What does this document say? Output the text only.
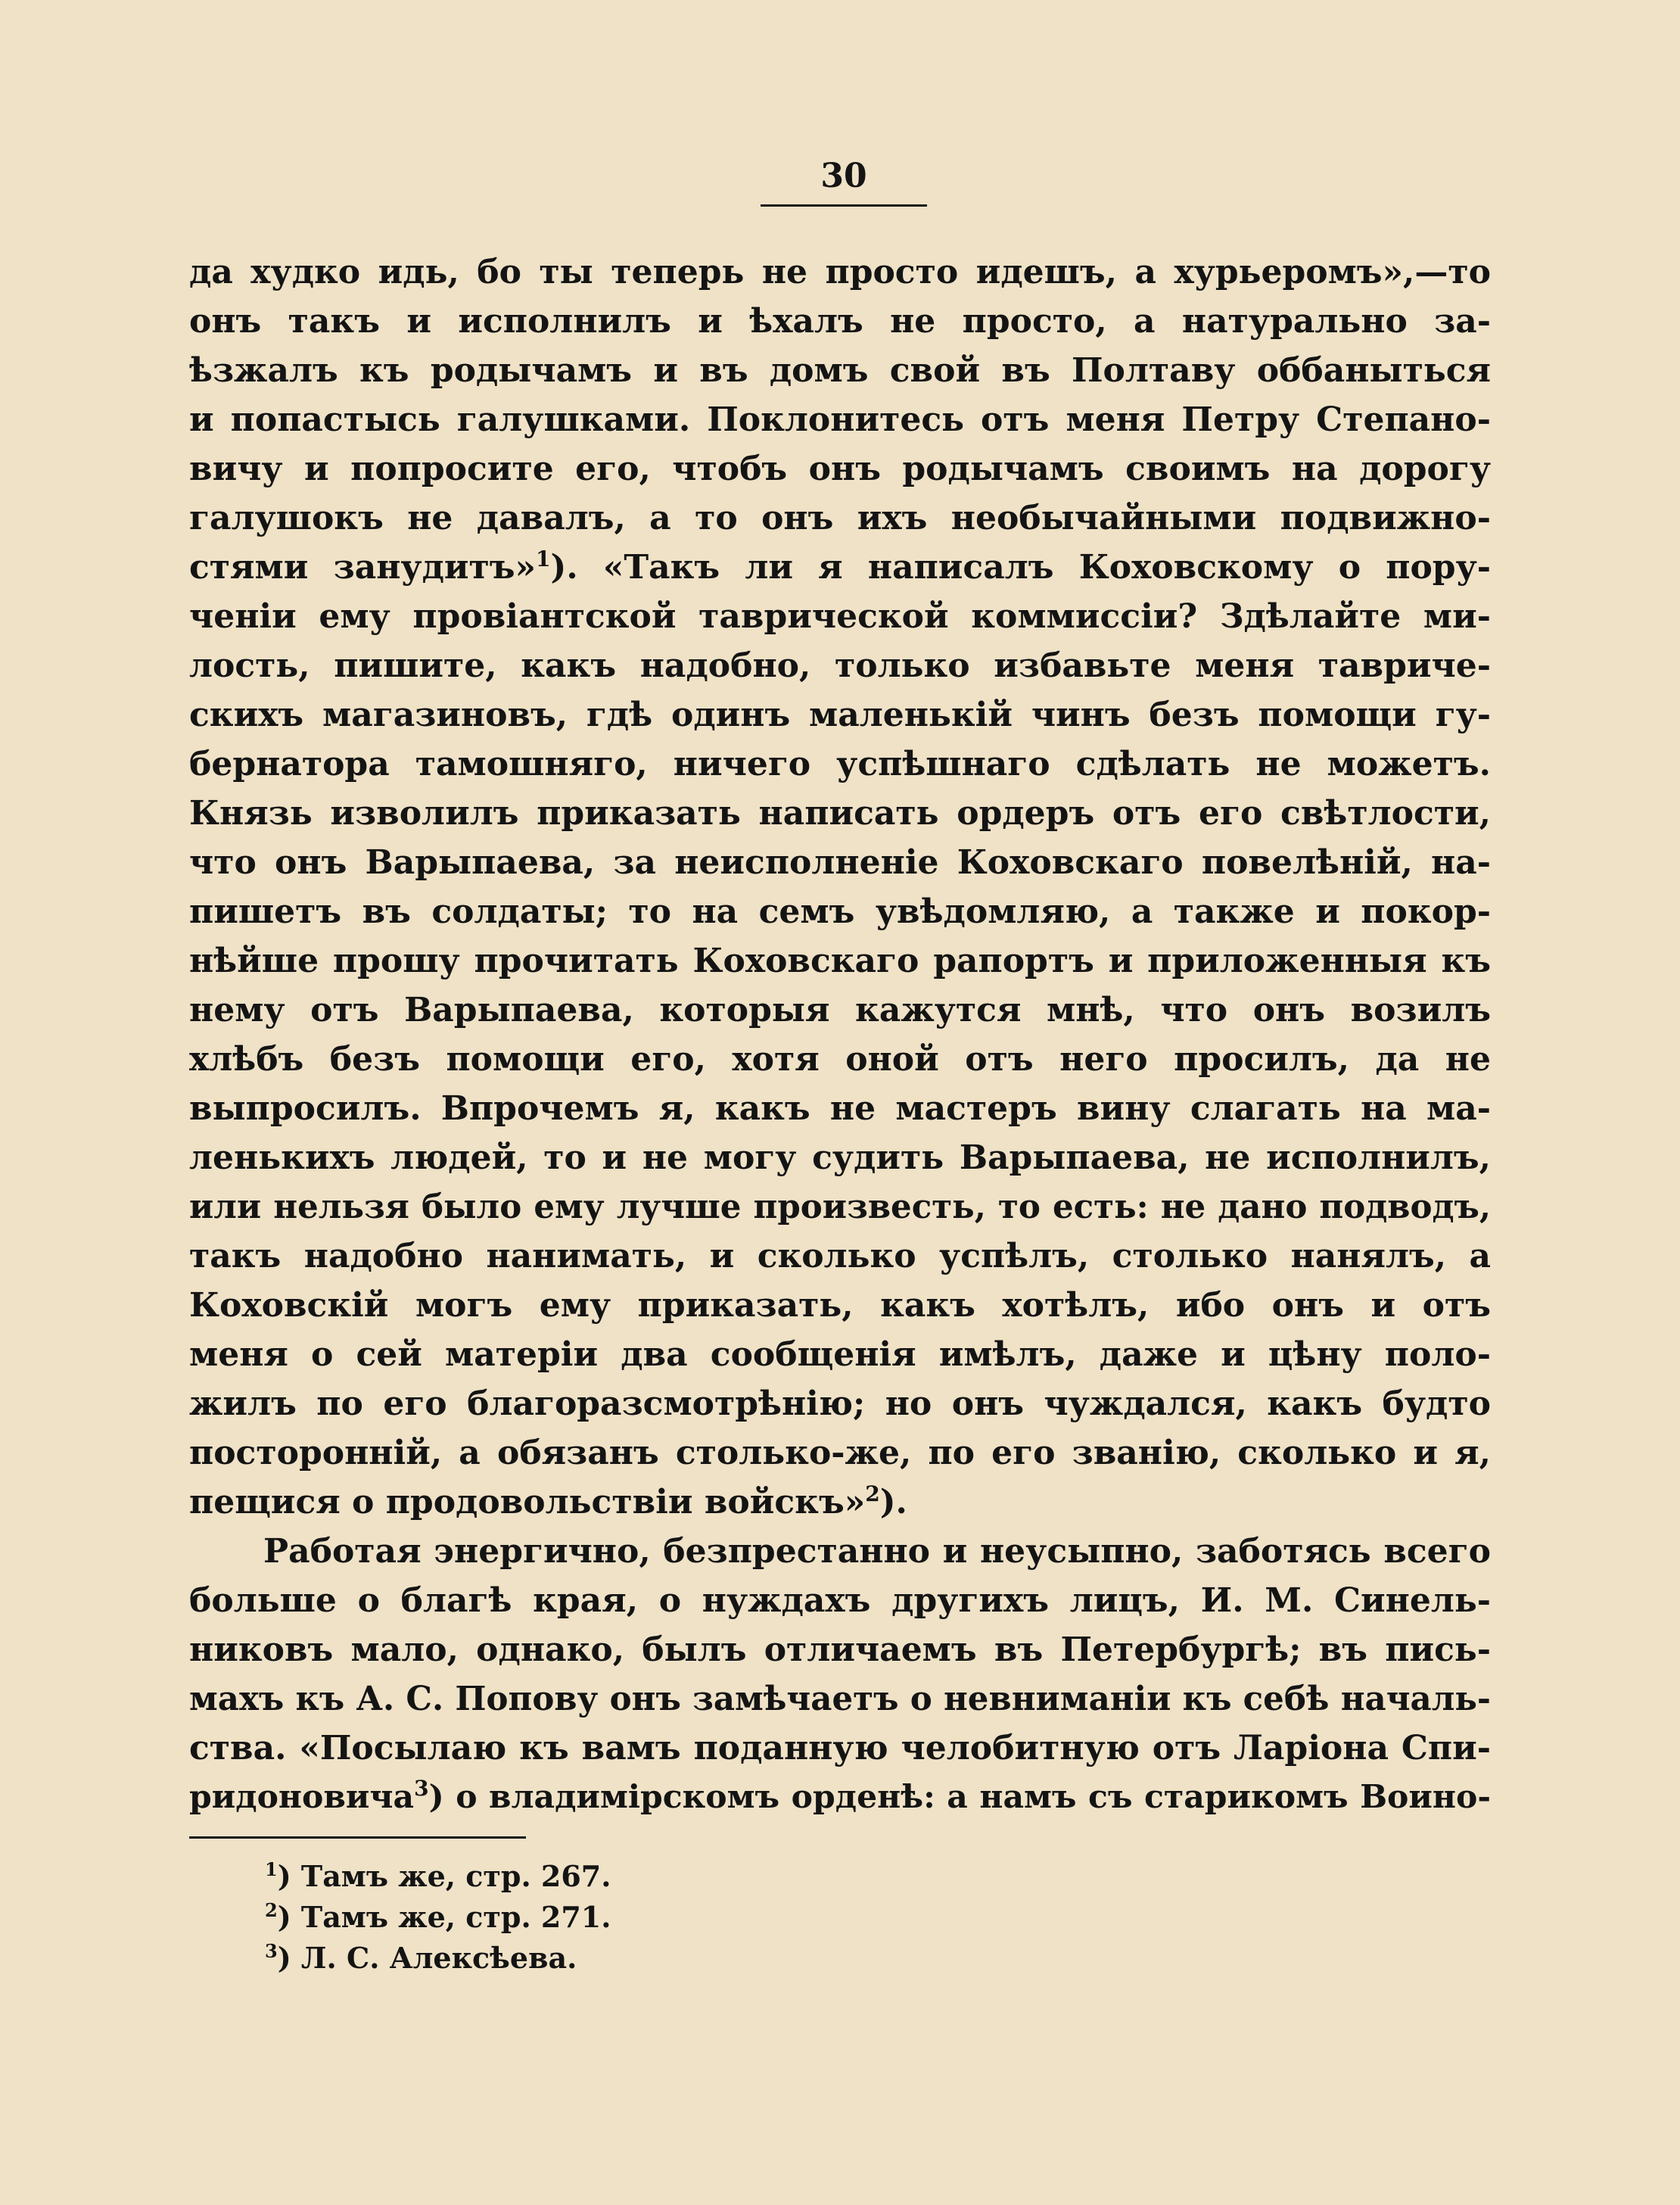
30
да худко идь, бо ты теперь не просто идешъ, а хурьеромъ»,—то
онъ такъ и исполнилъ и ѣхалъ не просто, а натурально за-
ѣзжалъ къ родычамъ и въ домъ свой въ Полтаву оббаныться
и попастысь галушками. Поклонитесь отъ меня Петру Степано-
вичу и попросите его, чтобъ онъ родычамъ своимъ на дорогу
галушокъ не давалъ, а то онъ ихъ необычайными подвижно-
стями занудитъ»$^1$). «Такъ ли я написалъ Коховскому о пору-
ченіи ему провіантской таврической коммиссіи? Здѣлайте ми-
лость, пишите, какъ надобно, только избавьте меня тавриче-
скихъ магазиновъ, гдѣ одинъ маленькій чинъ безъ помощи гу-
бернатора тамошняго, ничего успѣшнаго сдѣлать не можетъ.
Князь изволилъ приказать написать ордеръ отъ его свѣтлости,
что онъ Варыпаева, за неисполненіе Коховскаго повелѣній, на-
пишетъ въ солдаты; то на семъ увѣдомляю, а также и покор-
нѣйше прошу прочитать Коховскаго рапортъ и приложенныя къ
нему отъ Варыпаева, которыя кажутся мнѣ, что онъ возилъ
хлѣбъ безъ помощи его, хотя оной отъ него просилъ, да не
выпросилъ. Впрочемъ я, какъ не мастеръ вину слагать на ма-
ленькихъ людей, то и не могу судить Варыпаева, не исполнилъ,
или нельзя было ему лучше произвесть, то есть: не дано подводъ,
такъ надобно нанимать, и сколько успѣлъ, столько нанялъ, а
Коховскій могъ ему приказать, какъ хотѣлъ, ибо онъ и отъ
меня о сей матеріи два сообщенія имѣлъ, даже и цѣну поло-
жилъ по его благоразсмотрѣнію; но онъ чуждался, какъ будто
посторонній, а обязанъ столько-же, по его званію, сколько и я,
пещися о продовольствіи войскъ»$^2$).
Работая энергично, безпрестанно и неусыпно, заботясь всего
больше о благѣ края, о нуждахъ другихъ лицъ, И. М. Синель-
никовъ мало, однако, былъ отличаемъ въ Петербургѣ; въ пись-
махъ къ А. С. Попову онъ замѣчаетъ о невниманіи къ себѣ началь-
ства. «Посылаю къ вамъ поданную челобитную отъ Ларіона Спи-
ридоновича$^3$) о владимірскомъ орденѣ: а намъ съ старикомъ Воино-
$^1$) Тамъ же, стр. 267.
$^2$) Тамъ же, стр. 271.
$^3$) Л. С. Алексѣева.
